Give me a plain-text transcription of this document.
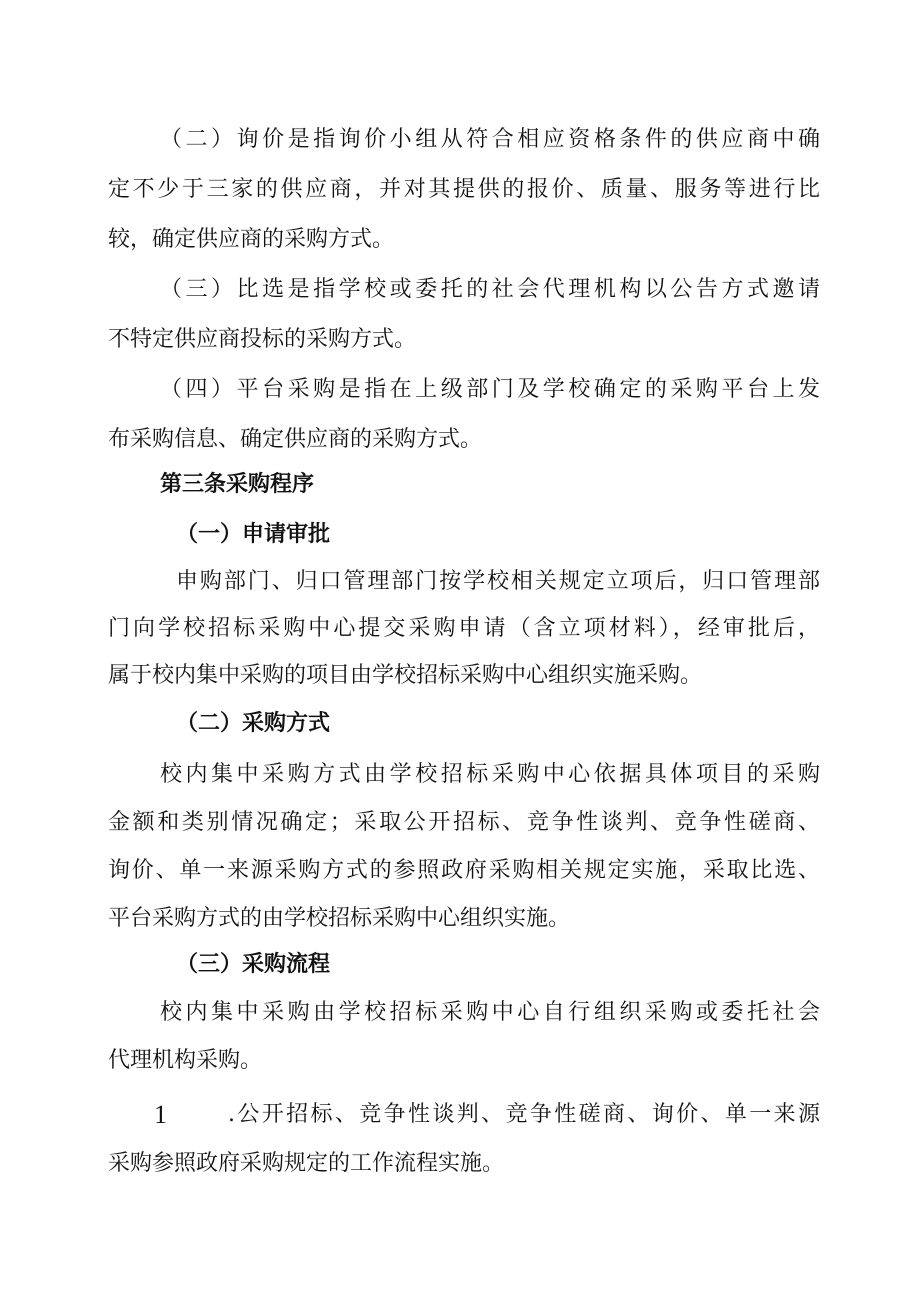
（二）询价是指询价小组从符合相应资格条件的供应商中确
定不少于三家的供应商，并对其提供的报价、质量、服务等进行比
较，确定供应商的采购方式。
（三）比选是指学校或委托的社会代理机构以公告方式邀请
不特定供应商投标的采购方式。
（四）平台采购是指在上级部门及学校确定的采购平台上发
布采购信息、确定供应商的采购方式。
第三条采购程序
（一）申请审批
申购部门、归口管理部门按学校相关规定立项后，归口管理部
门向学校招标采购中心提交采购申请（含立项材料），经审批后，
属于校内集中采购的项目由学校招标采购中心组织实施采购。
（二）采购方式
校内集中采购方式由学校招标采购中心依据具体项目的采购
金额和类别情况确定；采取公开招标、竞争性谈判、竞争性磋商、
询价、单一来源采购方式的参照政府采购相关规定实施，采取比选、
平台采购方式的由学校招标采购中心组织实施。
（三）采购流程
校内集中采购由学校招标采购中心自行组织采购或委托社会
代理机构采购。
1	.公开招标、竞争性谈判、竞争性磋商、询价、单一来源
采购参照政府采购规定的工作流程实施。
